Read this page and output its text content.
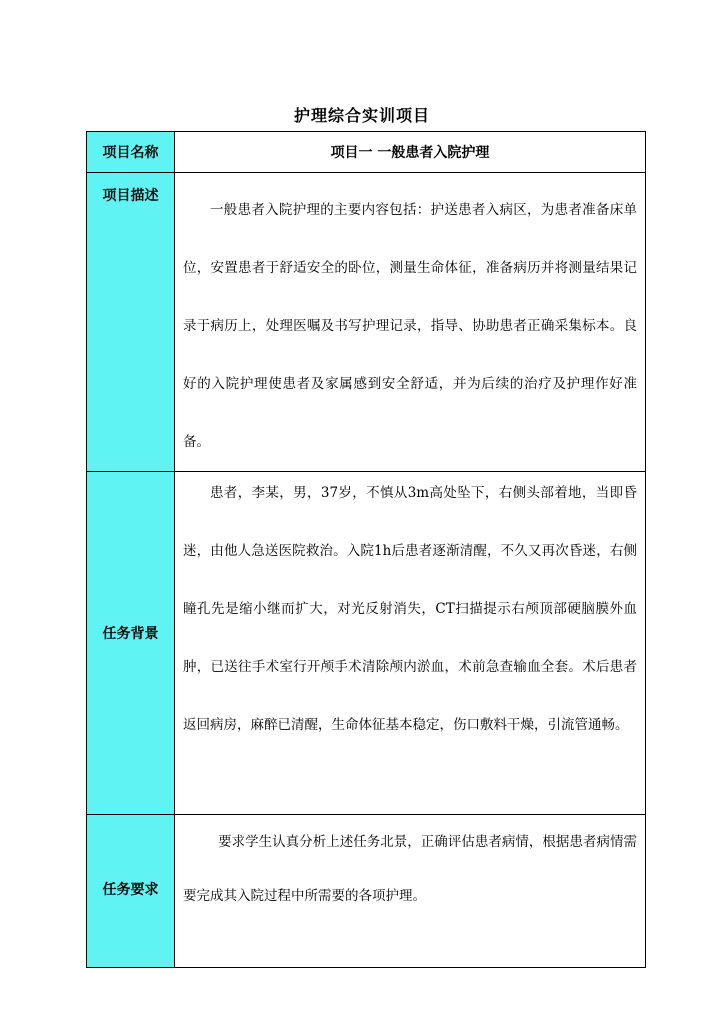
护理综合实训项目
项目名称	项目一 一般患者入院护理
项目描述	一般患者入院护理的主要内容包括：护送患者入病区，为患者准备床单位，安置患者于舒适安全的卧位，测量生命体征，准备病历并将测量结果记录于病历上，处理医嘱及书写护理记录，指导、协助患者正确采集标本。良好的入院护理使患者及家属感到安全舒适，并为后续的治疗及护理作好准备。

任务背景	患者，李某，男，37岁，不慎从3m高处坠下，右侧头部着地，当即昏迷，由他人急送医院救治。入院1h后患者逐渐清醒，不久又再次昏迷，右侧瞳孔先是缩小继而扩大，对光反射消失，CT扫描提示右颅顶部硬脑膜外血肿，已送往手术室行开颅手术清除颅内淤血，术前急查输血全套。术后患者返回病房，麻醉已清醒，生命体征基本稳定，伤口敷料干燥，引流管通畅。

任务要求	要求学生认真分析上述任务北景，正确评估患者病情，根据患者病情需要完成其入院过程中所需要的各项护理。
